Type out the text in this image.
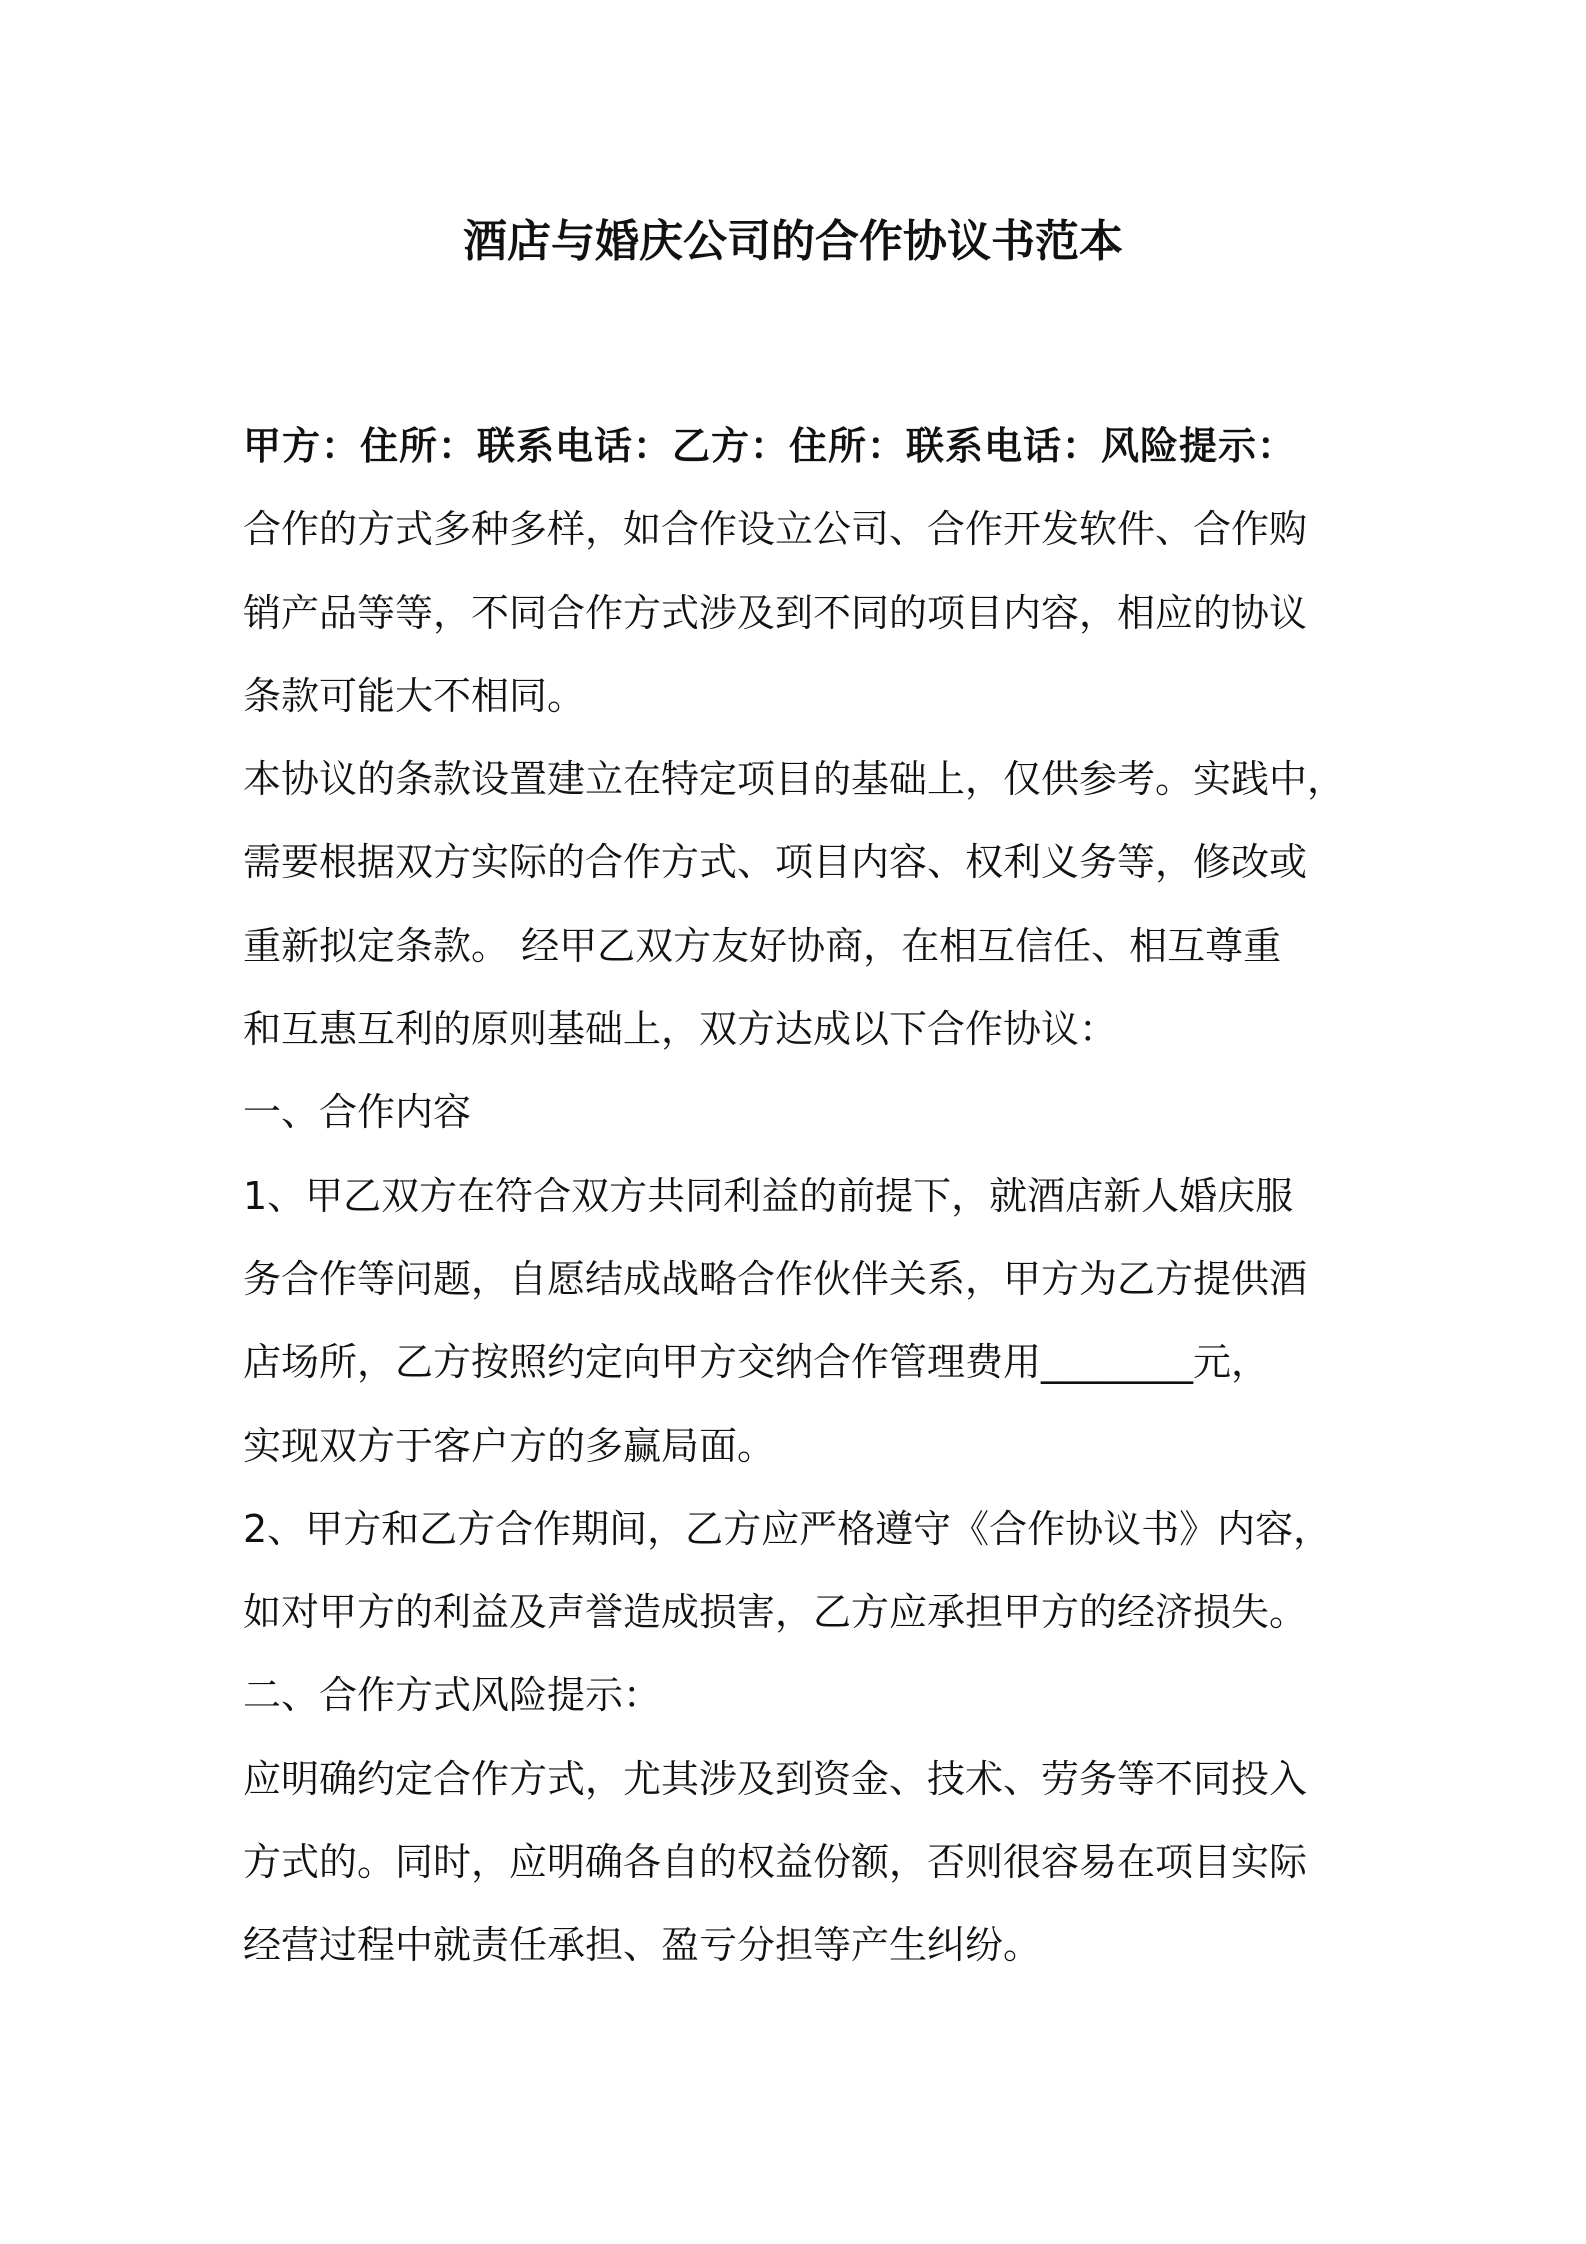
酒店与婚庆公司的合作协议书范本
甲方：住所：联系电话：乙方：住所：联系电话：风险提示：
合作的方式多种多样，如合作设立公司、合作开发软件、合作购
销产品等等，不同合作方式涉及到不同的项目内容，相应的协议
条款可能大不相同。
本协议的条款设置建立在特定项目的基础上，仅供参考。实践中，
需要根据双方实际的合作方式、项目内容、权利义务等，修改或
重新拟定条款。 经甲乙双方友好协商，在相互信任、相互尊重
和互惠互利的原则基础上，双方达成以下合作协议：
一、合作内容
1、甲乙双方在符合双方共同利益的前提下，就酒店新人婚庆服
务合作等问题，自愿结成战略合作伙伴关系，甲方为乙方提供酒
店场所，乙方按照约定向甲方交纳合作管理费用________元，
实现双方于客户方的多赢局面。
2、甲方和乙方合作期间，乙方应严格遵守《合作协议书》内容，
如对甲方的利益及声誉造成损害，乙方应承担甲方的经济损失。
二、合作方式风险提示：
应明确约定合作方式，尤其涉及到资金、技术、劳务等不同投入
方式的。同时，应明确各自的权益份额，否则很容易在项目实际
经营过程中就责任承担、盈亏分担等产生纠纷。
